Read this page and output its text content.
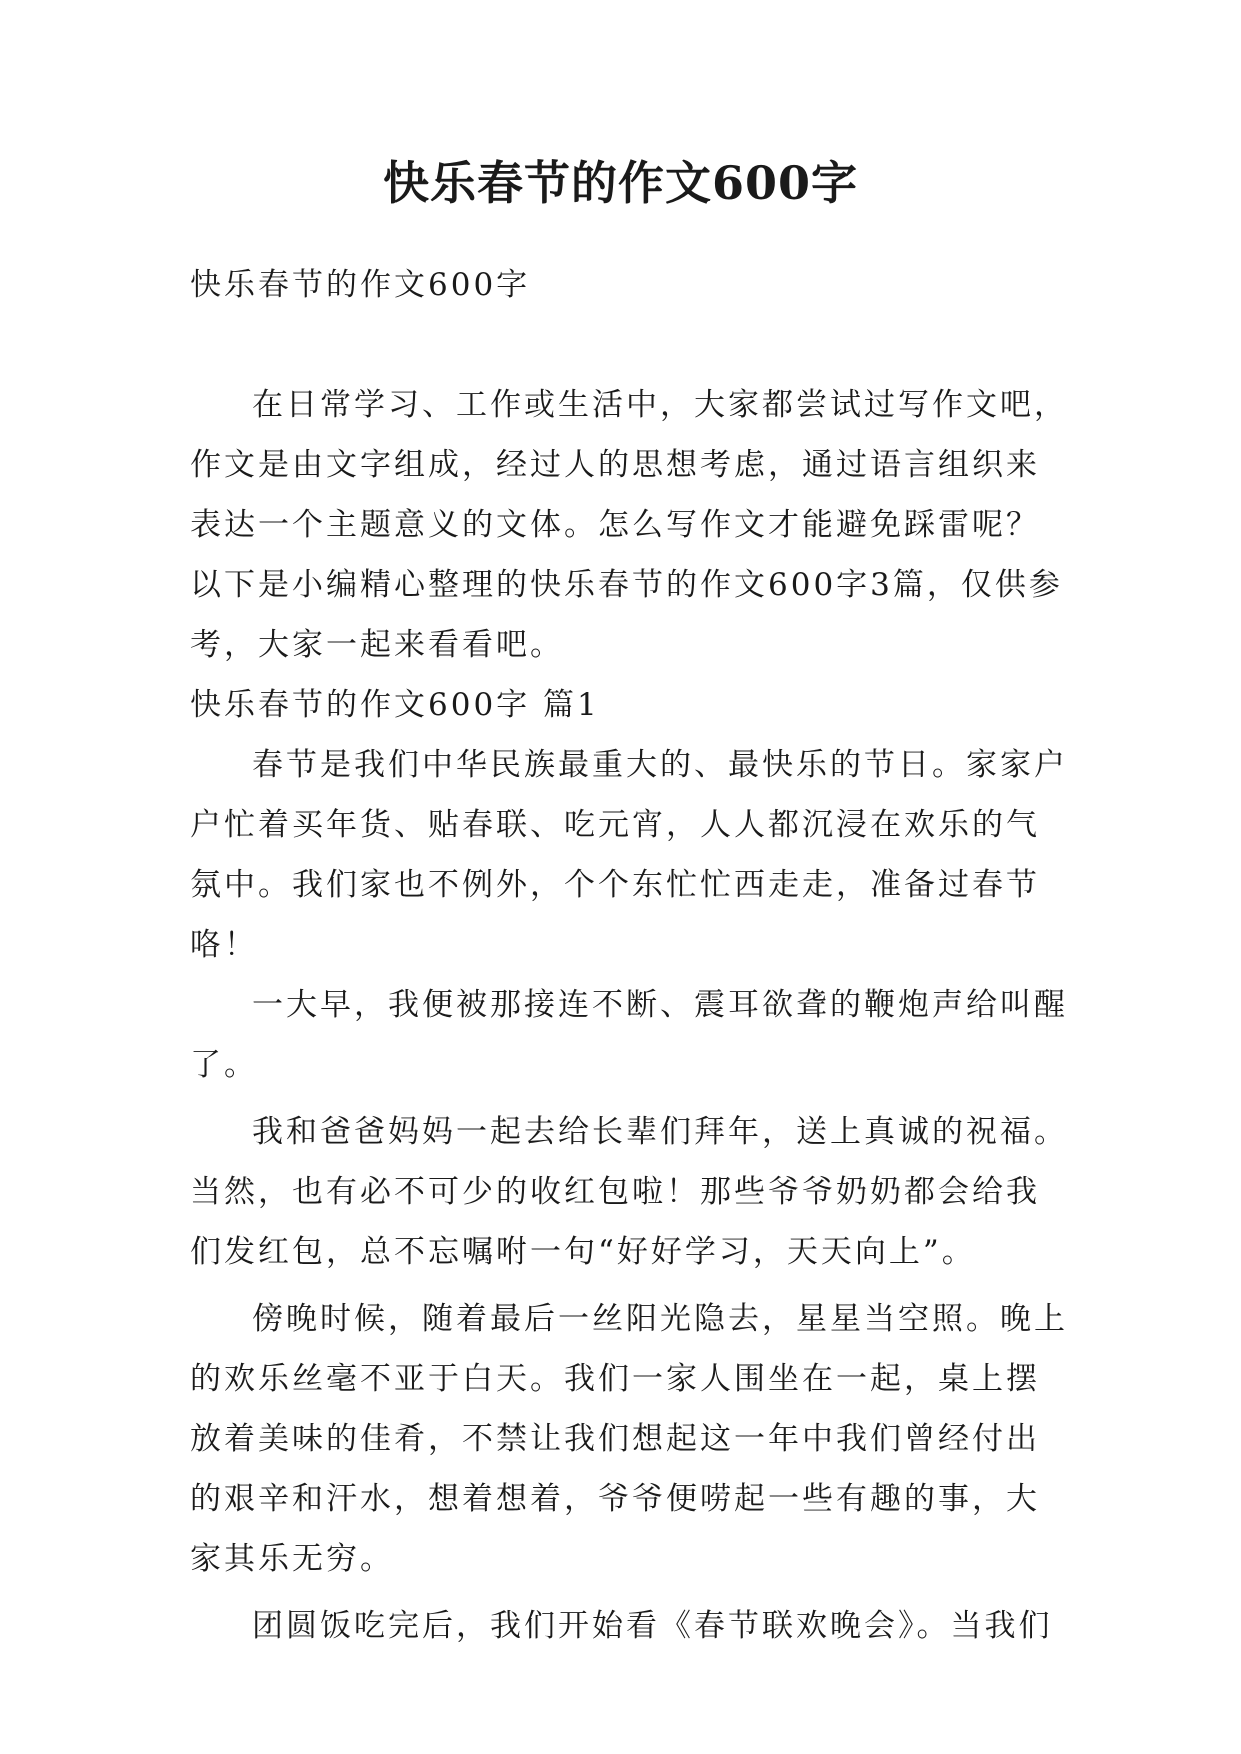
快乐春节的作文600字

快乐春节的作文600字

在日常学习、工作或生活中，大家都尝试过写作文吧，作文是由文字组成，经过人的思想考虑，通过语言组织来表达一个主题意义的文体。怎么写作文才能避免踩雷呢？以下是小编精心整理的快乐春节的作文600字3篇，仅供参考，大家一起来看看吧。

快乐春节的作文600字 篇1

春节是我们中华民族最重大的、最快乐的节日。家家户户忙着买年货、贴春联、吃元宵，人人都沉浸在欢乐的气氛中。我们家也不例外，个个东忙忙西走走，准备过春节咯！

一大早，我便被那接连不断、震耳欲聋的鞭炮声给叫醒了。

我和爸爸妈妈一起去给长辈们拜年，送上真诚的祝福。当然，也有必不可少的收红包啦！那些爷爷奶奶都会给我们发红包，总不忘嘱咐一句“好好学习，天天向上”。

傍晚时候，随着最后一丝阳光隐去，星星当空照。晚上的欢乐丝毫不亚于白天。我们一家人围坐在一起，桌上摆放着美味的佳肴，不禁让我们想起这一年中我们曾经付出的艰辛和汗水，想着想着，爷爷便唠起一些有趣的事，大家其乐无穷。

团圆饭吃完后，我们开始看《春节联欢晚会》。当我们
